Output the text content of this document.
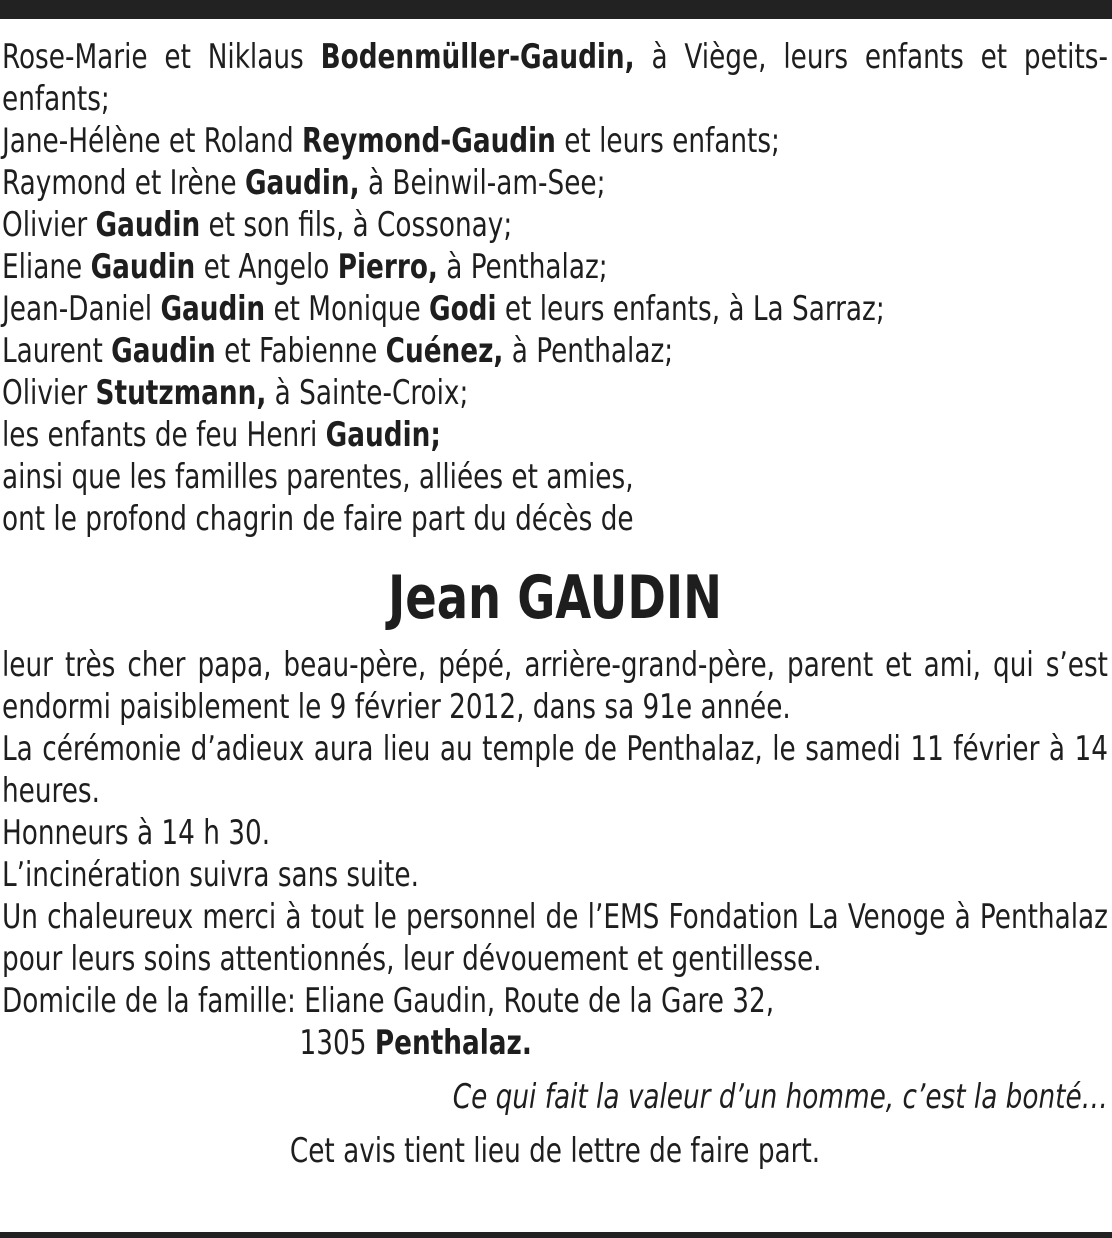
Rose-Marie et Niklaus Bodenmüller-Gaudin, à Viège, leurs enfants et petits-enfants;

Jane-Hélène et Roland Reymond-Gaudin et leurs enfants;

Raymond et Irène Gaudin, à Beinwil-am-See;

Olivier Gaudin et son fils, à Cossonay;

Eliane Gaudin et Angelo Pierro, à Penthalaz;

Jean-Daniel Gaudin et Monique Godi et leurs enfants, à La Sarraz;

Laurent Gaudin et Fabienne Cuénez, à Penthalaz;

Olivier Stutzmann, à Sainte-Croix;

les enfants de feu Henri Gaudin;

ainsi que les familles parentes, alliées et amies,

ont le profond chagrin de faire part du décès de

Jean GAUDIN

leur très cher papa, beau-père, pépé, arrière-grand-père, parent et ami, qui s’est endormi paisiblement le 9 février 2012, dans sa 91e année.

La cérémonie d’adieux aura lieu au temple de Penthalaz, le samedi 11 février à 14 heures.

Honneurs à 14 h 30.

L’incinération suivra sans suite.

Un chaleureux merci à tout le personnel de l’EMS Fondation La Venoge à Penthalaz pour leurs soins attentionnés, leur dévouement et gentillesse.

Domicile de la famille: Eliane Gaudin, Route de la Gare 32,

1305 Penthalaz.

Ce qui fait la valeur d’un homme, c’est la bonté…

Cet avis tient lieu de lettre de faire part.
